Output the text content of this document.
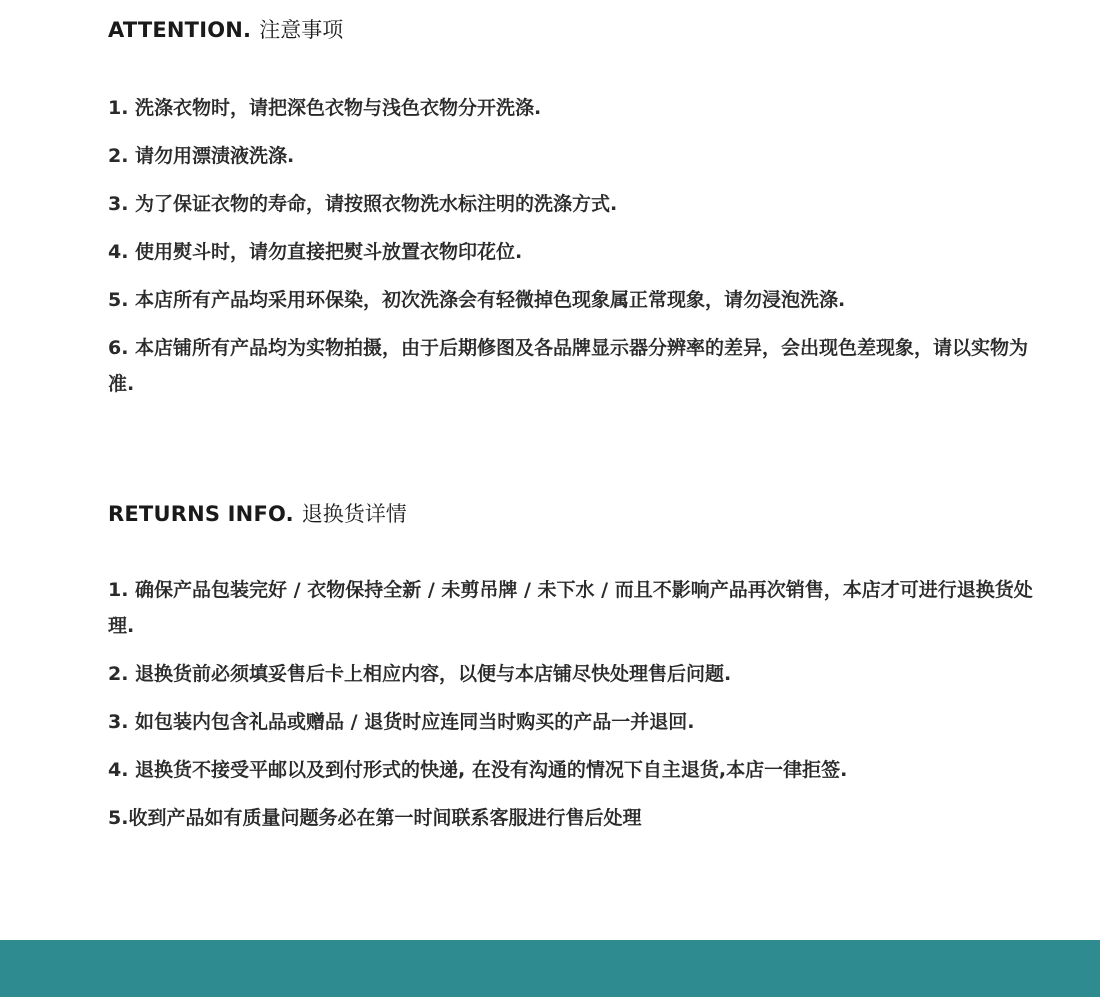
ATTENTION. 注意事项
1. 洗涤衣物时，请把深色衣物与浅色衣物分开洗涤.
2. 请勿用漂渍液洗涤.
3. 为了保证衣物的寿命，请按照衣物洗水标注明的洗涤方式.
4. 使用熨斗时，请勿直接把熨斗放置衣物印花位.
5. 本店所有产品均采用环保染，初次洗涤会有轻微掉色现象属正常现象，请勿浸泡洗涤.
6. 本店铺所有产品均为实物拍摄，由于后期修图及各品牌显示器分辨率的差异，会出现色差现象，请以实物为准.
RETURNS INFO. 退换货详情
1. 确保产品包装完好 / 衣物保持全新 / 未剪吊牌 / 未下水 / 而且不影响产品再次销售，本店才可进行退换货处理.
2. 退换货前必须填妥售后卡上相应内容，以便与本店铺尽快处理售后问题.
3. 如包装内包含礼品或赠品 / 退货时应连同当时购买的产品一并退回.
4. 退换货不接受平邮以及到付形式的快递, 在没有沟通的情况下自主退货,本店一律拒签.
5.收到产品如有质量问题务必在第一时间联系客服进行售后处理
